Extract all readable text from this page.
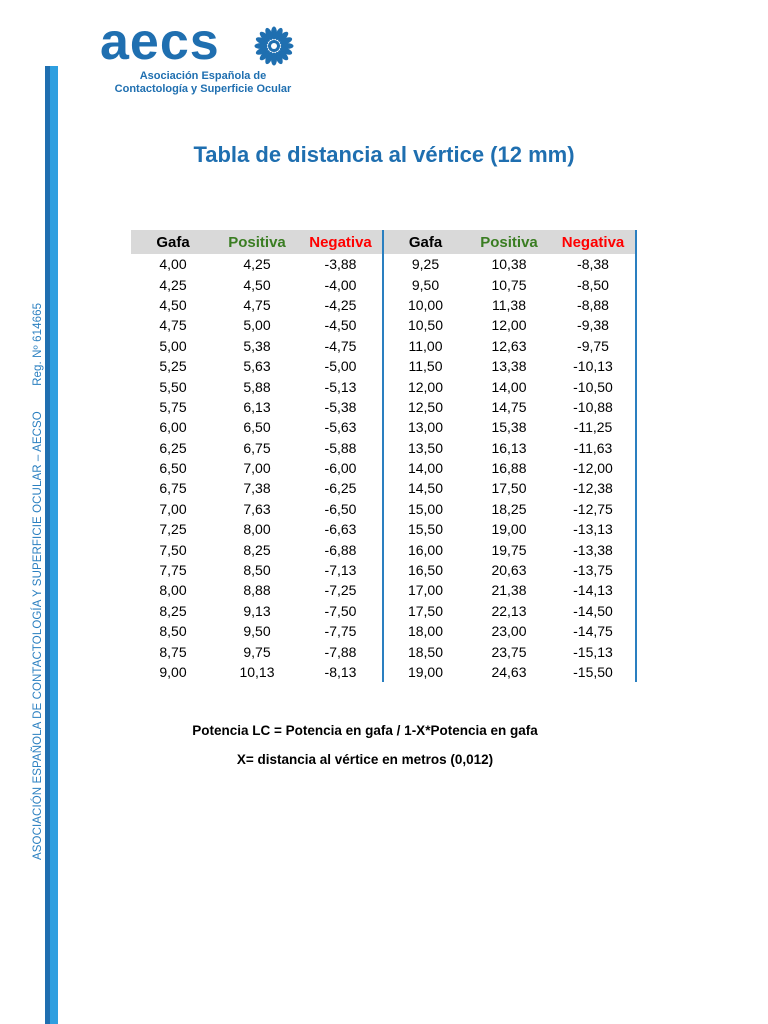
ASOCIACIÓN ESPAÑOLA DE CONTACTOLOGÍA Y SUPERFICIE OCULAR – AECSO Reg. Nº 614665
aecs
Asociación Española de
Contactología y Superficie Ocular
Tabla de distancia al vértice (12 mm)
Gafa	Positiva	Negativa	Gafa	Positiva	Negativa
4,00	4,25	-3,88	9,25	10,38	-8,38
4,25	4,50	-4,00	9,50	10,75	-8,50
4,50	4,75	-4,25	10,00	11,38	-8,88
4,75	5,00	-4,50	10,50	12,00	-9,38
5,00	5,38	-4,75	11,00	12,63	-9,75
5,25	5,63	-5,00	11,50	13,38	-10,13
5,50	5,88	-5,13	12,00	14,00	-10,50
5,75	6,13	-5,38	12,50	14,75	-10,88
6,00	6,50	-5,63	13,00	15,38	-11,25
6,25	6,75	-5,88	13,50	16,13	-11,63
6,50	7,00	-6,00	14,00	16,88	-12,00
6,75	7,38	-6,25	14,50	17,50	-12,38
7,00	7,63	-6,50	15,00	18,25	-12,75
7,25	8,00	-6,63	15,50	19,00	-13,13
7,50	8,25	-6,88	16,00	19,75	-13,38
7,75	8,50	-7,13	16,50	20,63	-13,75
8,00	8,88	-7,25	17,00	21,38	-14,13
8,25	9,13	-7,50	17,50	22,13	-14,50
8,50	9,50	-7,75	18,00	23,00	-14,75
8,75	9,75	-7,88	18,50	23,75	-15,13
9,00	10,13	-8,13	19,00	24,63	-15,50
Potencia LC = Potencia en gafa / 1-X*Potencia en gafa
X= distancia al vértice en metros (0,012)
